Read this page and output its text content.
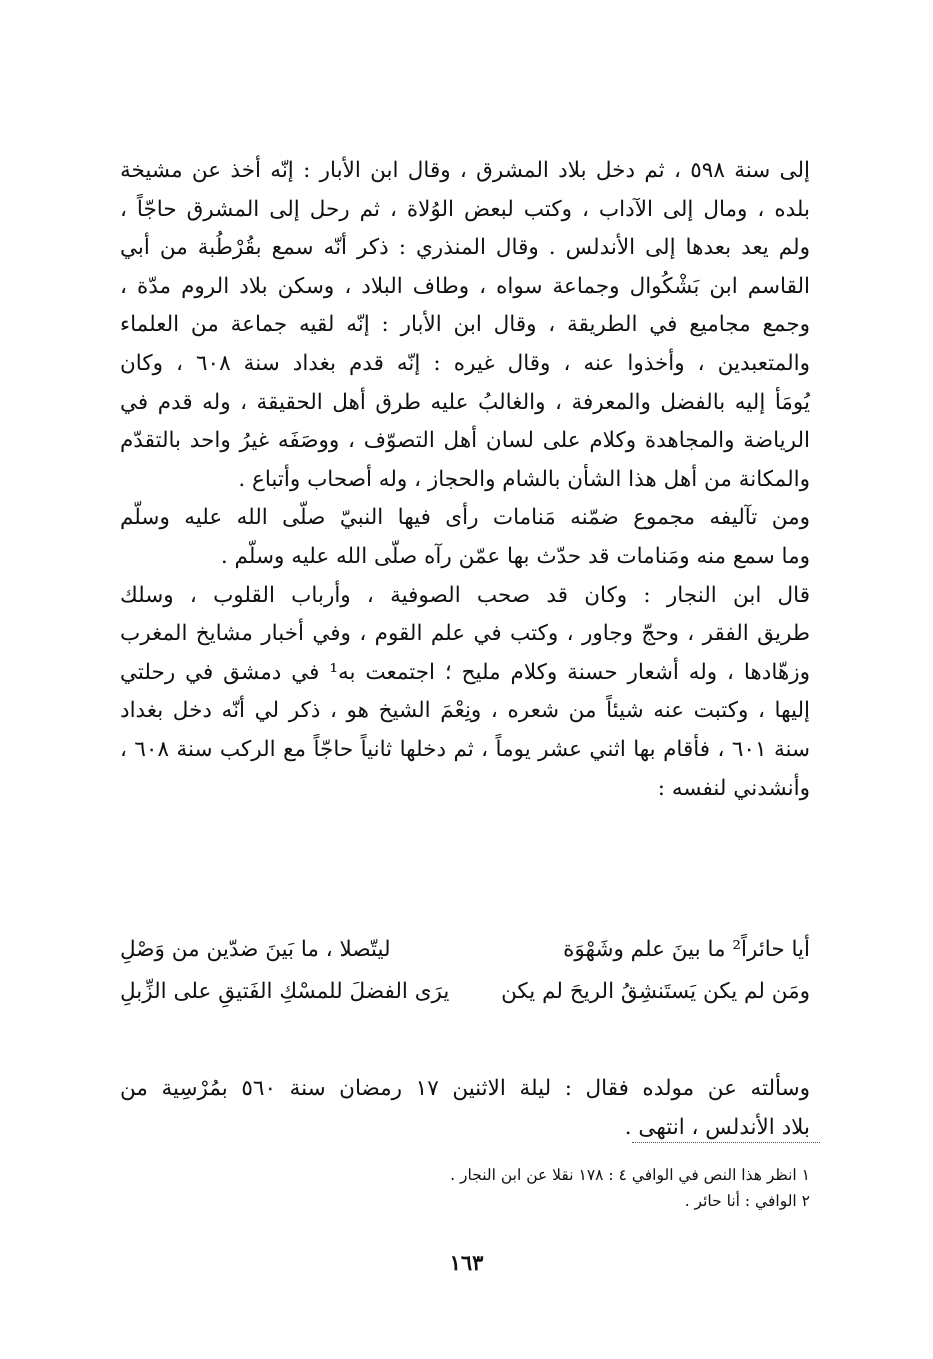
إلى سنة ٥٩٨ ، ثم دخل بلاد المشرق ، وقال ابن الأبار : إنّه أخذ عن مشيخة
بلده ، ومال إلى الآداب ، وكتب لبعض الوُلاة ، ثم رحل إلى المشرق حاجّاً ،
ولم يعد بعدها إلى الأندلس . وقال المنذري : ذكر أنّه سمع بقُرْطُبة من أبي
القاسم ابن بَشْكُوال وجماعة سواه ، وطاف البلاد ، وسكن بلاد الروم مدّة ،
وجمع مجاميع في الطريقة ، وقال ابن الأبار : إنّه لقيه جماعة من العلماء
والمتعبدين ، وأخذوا عنه ، وقال غيره : إنّه قدم بغداد سنة ٦٠٨ ، وكان
يُومَأ إليه بالفضل والمعرفة ، والغالبُ عليه طرق أهل الحقيقة ، وله قدم في
الرياضة والمجاهدة وكلام على لسان أهل التصوّف ، ووصَفَه غيرُ واحد بالتقدّم
والمكانة من أهل هذا الشأن بالشام والحجاز ، وله أصحاب وأتباع .
ومن تآليفه مجموع ضمّنه مَنامات رأى فيها النبيّ صلّى الله عليه وسلّم
وما سمع منه ومَنامات قد حدّث بها عمّن رآه صلّى الله عليه وسلّم .
قال ابن النجار : وكان قد صحب الصوفية ، وأرباب القلوب ، وسلك
طريق الفقر ، وحجّ وجاور ، وكتب في علم القوم ، وفي أخبار مشايخ المغرب
وزهّادها ، وله أشعار حسنة وكلام مليح ؛ اجتمعت به¹ في دمشق في رحلتي
إليها ، وكتبت عنه شيئاً من شعره ، ونِعْمَ الشيخ هو ، ذكر لي أنّه دخل بغداد
سنة ٦٠١ ، فأقام بها اثني عشر يوماً ، ثم دخلها ثانياً حاجّاً مع الركب سنة ٦٠٨ ،
وأنشدني لنفسه :
أيا حائراً² ما بينَ علم وشَهْوَة
ليتّصلا ، ما بَينَ ضدّين من وَصْلِ
ومَن لم يكن يَستَنشِقُ الريحَ لم يكن
يرَى الفضلَ للمسْكِ الفَتيقِ على الزِّبلِ
وسألته عن مولده فقال : ليلة الاثنين ١٧ رمضان سنة ٥٦٠ بمُرْسِية من
بلاد الأندلس ، انتهى .
١ انظر هذا النص في الوافي ٤ : ١٧٨ نقلا عن ابن النجار .
٢ الوافي : أنا حائر .
١٦٣
